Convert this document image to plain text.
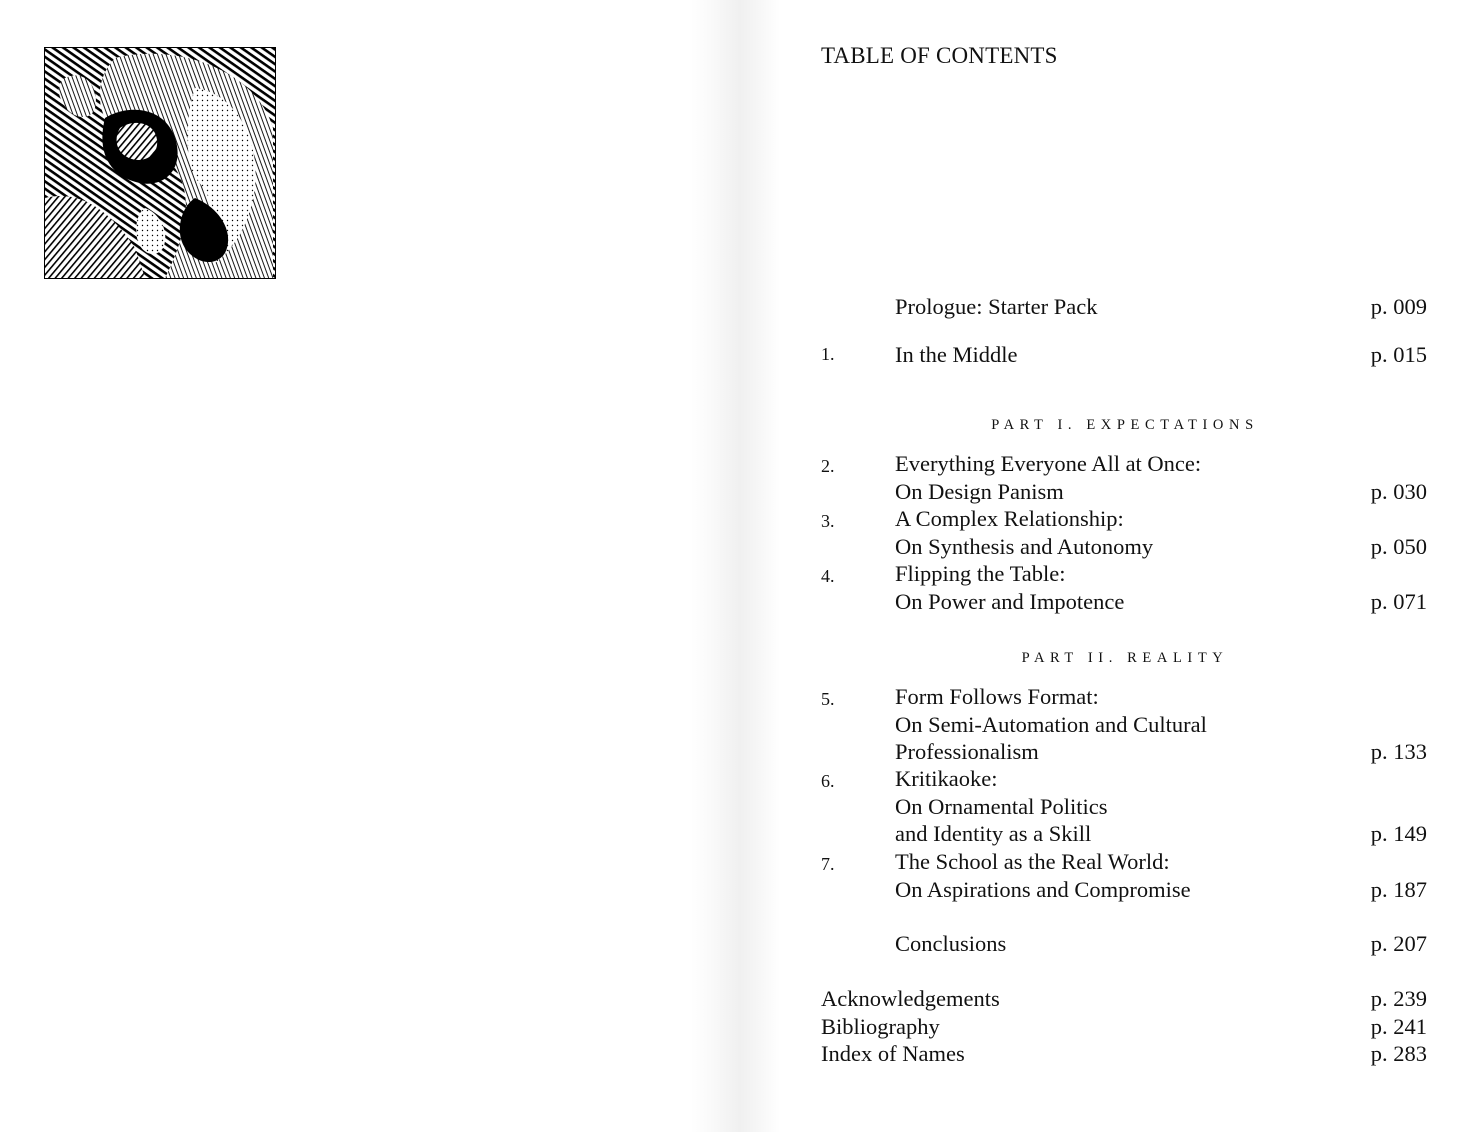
TABLE OF CONTENTS
Prologue: Starter Pack	p. 009
1.	In the Middle	p. 015
PART I. EXPECTATIONS
2.	Everything Everyone All at Once:
On Design Panism	p. 030
3.	A Complex Relationship:
On Synthesis and Autonomy	p. 050
4.	Flipping the Table:
On Power and Impotence	p. 071
PART II. REALITY
5.	Form Follows Format:
On Semi-Automation and Cultural
Professionalism	p. 133
6.	Kritikaoke:
On Ornamental Politics
and Identity as a Skill	p. 149
7.	The School as the Real World:
On Aspirations and Compromise	p. 187
Conclusions	p. 207
Acknowledgements	p. 239
Bibliography	p. 241
Index of Names	p. 283
